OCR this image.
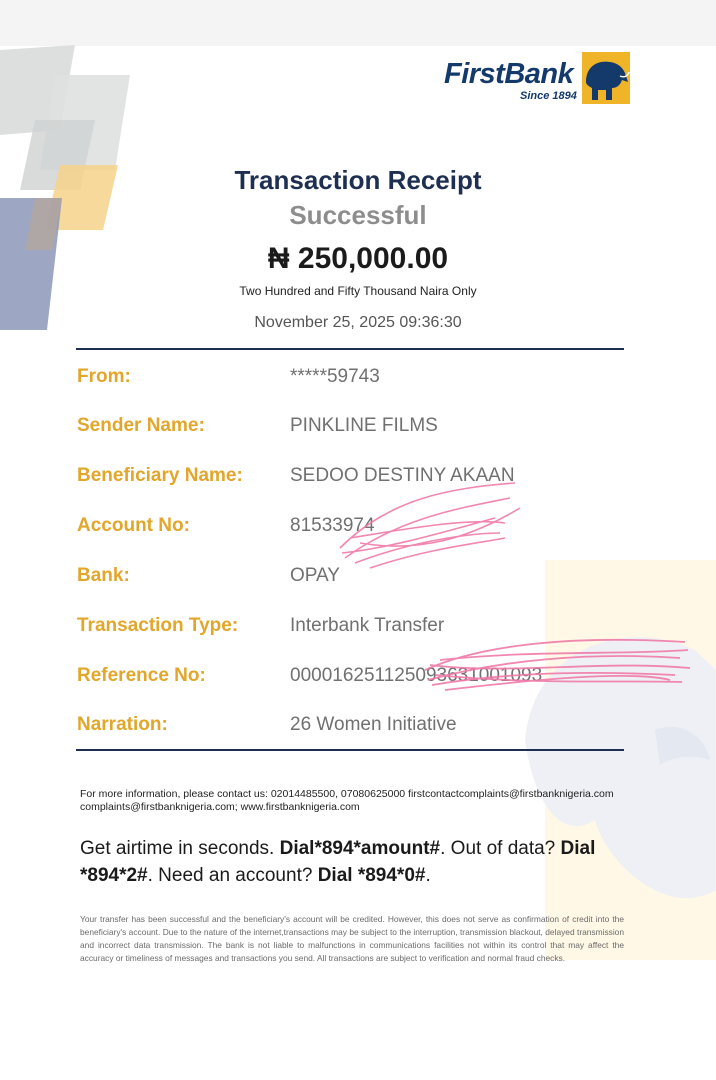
FirstBank
Since 1894
Transaction Receipt
Successful
₦ 250,000.00
Two Hundred and Fifty Thousand Naira Only
November 25, 2025 09:36:30
From:	*****59743
Sender Name:	PINKLINE FILMS
Beneficiary Name: SEDOO DESTINY AKAAN
Account No:	81533974
Bank:	OPAY
Transaction Type:	Interbank Transfer
Reference No:	000016251125093631001093
Narration:	26 Women Initiative
For more information, please contact us: 02014485500, 07080625000 firstcontactcomplaints@firstbanknigeria.com complaints@firstbanknigeria.com; www.firstbanknigeria.com
Get airtime in seconds. Dial*894*amount#. Out of data? Dial *894*2#. Need an account? Dial *894*0#.
Your transfer has been successful and the beneficiary's account will be credited. However, this does not serve as confirmation of credit into the beneficiary's account. Due to the nature of the internet,transactions may be subject to the interruption, transmission blackout, delayed transmission and incorrect data transmission. The bank is not liable to malfunctions in communications facilities not within its control that may affect the accuracy or timeliness of messages and transactions you send. All transactions are subject to verification and normal fraud checks.
